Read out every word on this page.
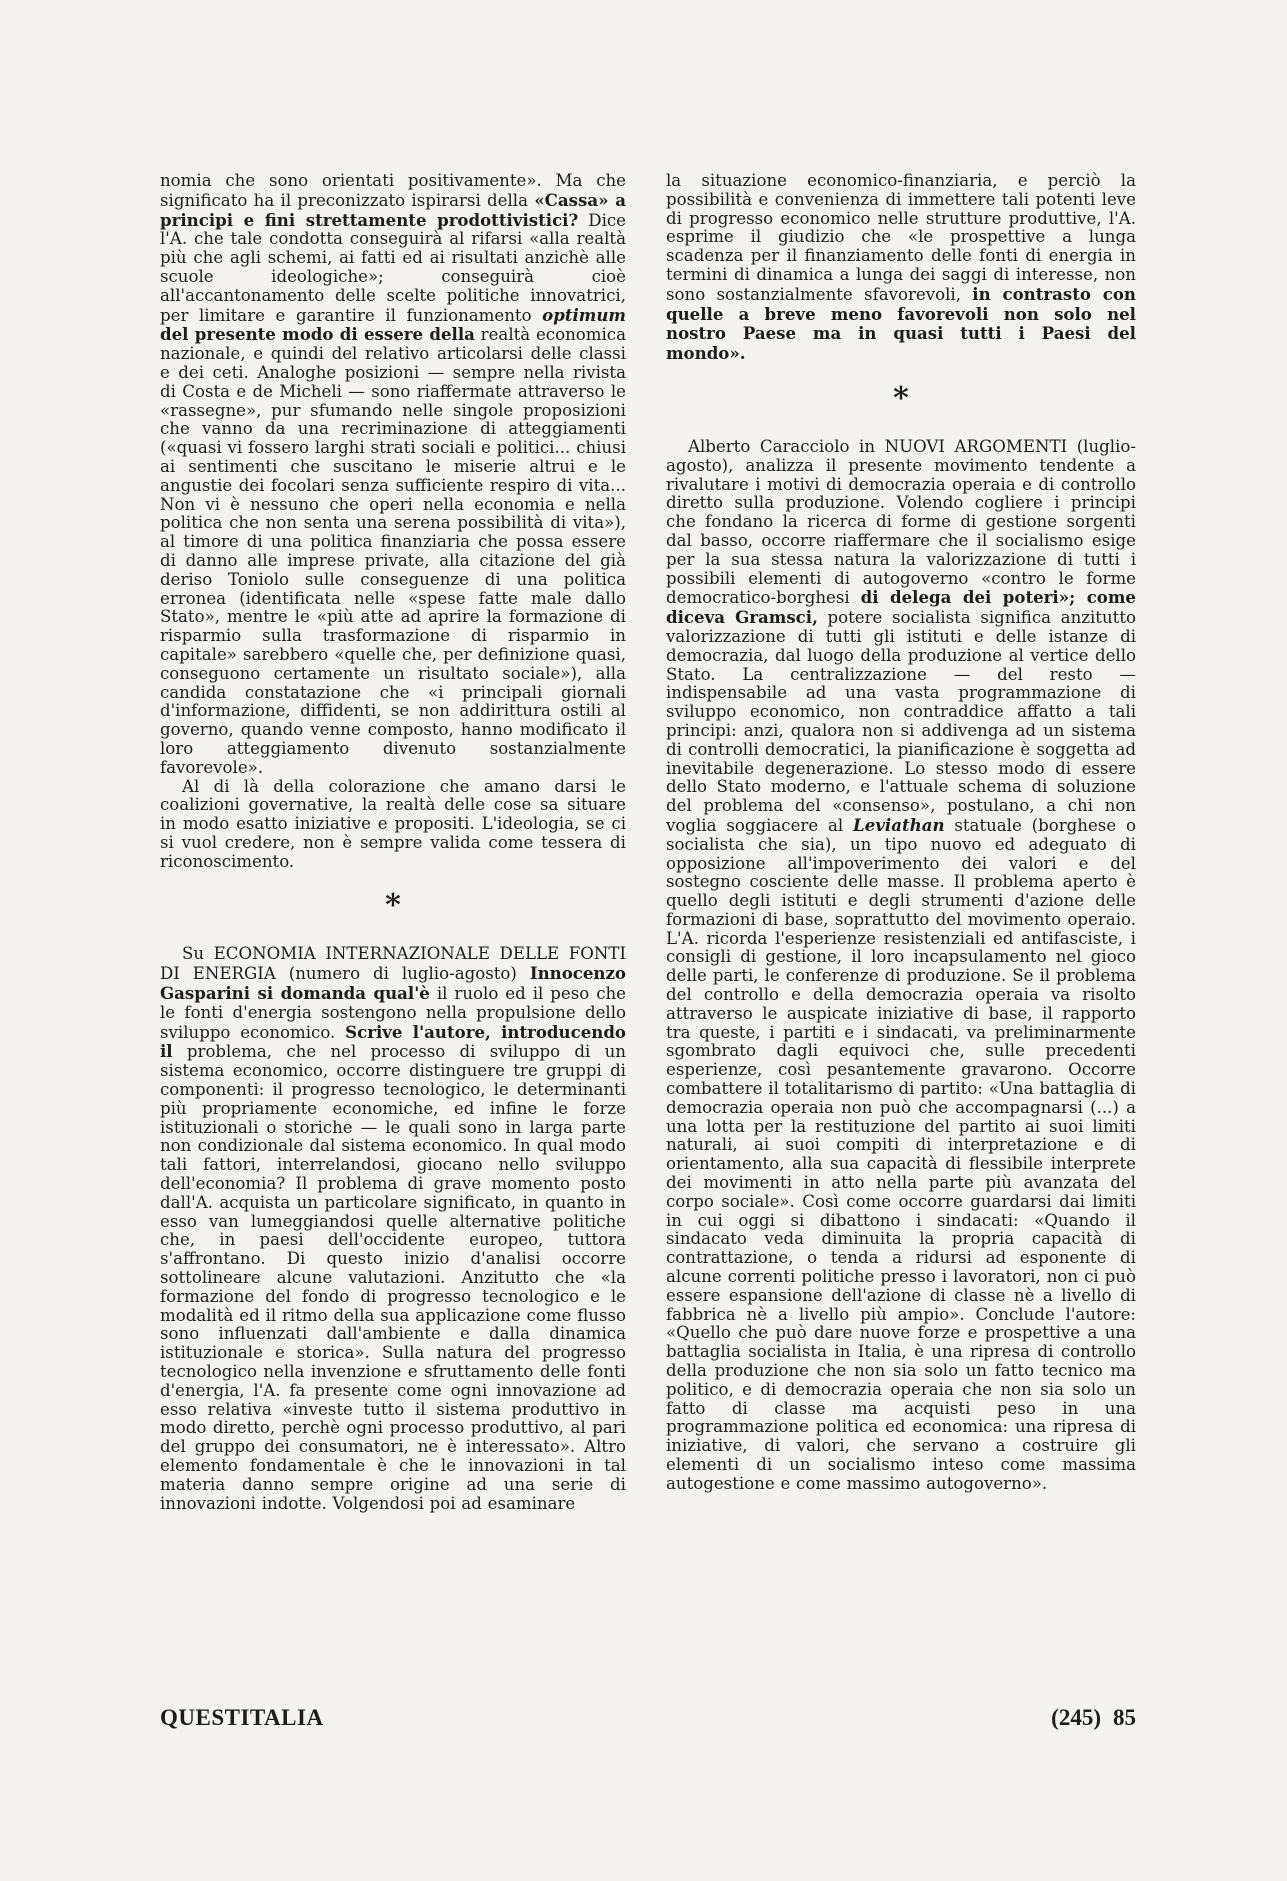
nomia che sono orientati positivamente». Ma che significato ha il preconizzato ispirarsi della «Cassa» a principi e fini strettamente prodottivistici? Dice l'A. che tale condotta conseguirà al rifarsi «alla realtà più che agli schemi, ai fatti ed ai risultati anzichè alle scuole ideologiche»; conseguirà cioè all'accantonamento delle scelte politiche innovatrici, per limitare e garantire il funzionamento optimum del presente modo di essere della realtà economica nazionale, e quindi del relativo articolarsi delle classi e dei ceti. Analoghe posizioni — sempre nella rivista di Costa e de Micheli — sono riaffermate attraverso le «rassegne», pur sfumando nelle singole proposizioni che vanno da una recriminazione di atteggiamenti («quasi vi fossero larghi strati sociali e politici... chiusi ai sentimenti che suscitano le miserie altrui e le angustie dei focolari senza sufficiente respiro di vita... Non vi è nessuno che operi nella economia e nella politica che non senta una serena possibilità di vita»), al timore di una politica finanziaria che possa essere di danno alle imprese private, alla citazione del già deriso Toniolo sulle conseguenze di una politica erronea (identificata nelle «spese fatte male dallo Stato», mentre le «più atte ad aprire la formazione di risparmio sulla trasformazione di risparmio in capitale» sarebbero «quelle che, per definizione quasi, conseguono certamente un risultato sociale»), alla candida constatazione che «i principali giornali d'informazione, diffidenti, se non addirittura ostili al governo, quando venne composto, hanno modificato il loro atteggiamento divenuto sostanzialmente favorevole».

Al di là della colorazione che amano darsi le coalizioni governative, la realtà delle cose sa situare in modo esatto iniziative e propositi. L'ideologia, se ci si vuol credere, non è sempre valida come tessera di riconoscimento.

*

Su ECONOMIA INTERNAZIONALE DELLE FONTI DI ENERGIA (numero di luglio-agosto) Innocenzo Gasparini si domanda qual'è il ruolo ed il peso che le fonti d'energia sostengono nella propulsione dello sviluppo economico. Scrive l'autore, introducendo il problema, che nel processo di sviluppo di un sistema economico, occorre distinguere tre gruppi di componenti: il progresso tecnologico, le determinanti più propriamente economiche, ed infine le forze istituzionali o storiche — le quali sono in larga parte non condizionale dal sistema economico. In qual modo tali fattori, interrelandosi, giocano nello sviluppo dell'economia? Il problema di grave momento posto dall'A. acquista un particolare significato, in quanto in esso van lumeggiandosi quelle alternative politiche che, in paesi dell'occidente europeo, tuttora s'affrontano. Di questo inizio d'analisi occorre sottolineare alcune valutazioni. Anzitutto che «la formazione del fondo di progresso tecnologico e le modalità ed il ritmo della sua applicazione come flusso sono influenzati dall'ambiente e dalla dinamica istituzionale e storica». Sulla natura del progresso tecnologico nella invenzione e sfruttamento delle fonti d'energia, l'A. fa presente come ogni innovazione ad esso relativa «investe tutto il sistema produttivo in modo diretto, perchè ogni processo produttivo, al pari del gruppo dei consumatori, ne è interessato». Altro elemento fondamentale è che le innovazioni in tal materia danno sempre origine ad una serie di innovazioni indotte. Volgendosi poi ad esaminare

la situazione economico-finanziaria, e perciò la possibilità e convenienza di immettere tali potenti leve di progresso economico nelle strutture produttive, l'A. esprime il giudizio che «le prospettive a lunga scadenza per il finanziamento delle fonti di energia in termini di dinamica a lunga dei saggi di interesse, non sono sostanzialmente sfavorevoli, in contrasto con quelle a breve meno favorevoli non solo nel nostro Paese ma in quasi tutti i Paesi del mondo».

*

Alberto Caracciolo in NUOVI ARGOMENTI (luglio-agosto), analizza il presente movimento tendente a rivalutare i motivi di democrazia operaia e di controllo diretto sulla produzione. Volendo cogliere i principi che fondano la ricerca di forme di gestione sorgenti dal basso, occorre riaffermare che il socialismo esige per la sua stessa natura la valorizzazione di tutti i possibili elementi di autogoverno «contro le forme democratico-borghesi di delega dei poteri»; come diceva Gramsci, potere socialista significa anzitutto valorizzazione di tutti gli istituti e delle istanze di democrazia, dal luogo della produzione al vertice dello Stato. La centralizzazione — del resto — indispensabile ad una vasta programmazione di sviluppo economico, non contraddice affatto a tali principi: anzi, qualora non si addivenga ad un sistema di controlli democratici, la pianificazione è soggetta ad inevitabile degenerazione. Lo stesso modo di essere dello Stato moderno, e l'attuale schema di soluzione del problema del «consenso», postulano, a chi non voglia soggiacere al Leviathan statuale (borghese o socialista che sia), un tipo nuovo ed adeguato di opposizione all'impoverimento dei valori e del sostegno cosciente delle masse. Il problema aperto è quello degli istituti e degli strumenti d'azione delle formazioni di base, soprattutto del movimento operaio. L'A. ricorda l'esperienze resistenziali ed antifasciste, i consigli di gestione, il loro incapsulamento nel gioco delle parti, le conferenze di produzione. Se il problema del controllo e della democrazia operaia va risolto attraverso le auspicate iniziative di base, il rapporto tra queste, i partiti e i sindacati, va preliminarmente sgombrato dagli equivoci che, sulle precedenti esperienze, così pesantemente gravarono. Occorre combattere il totalitarismo di partito: «Una battaglia di democrazia operaia non può che accompagnarsi (...) a una lotta per la restituzione del partito ai suoi limiti naturali, ai suoi compiti di interpretazione e di orientamento, alla sua capacità di flessibile interprete dei movimenti in atto nella parte più avanzata del corpo sociale». Così come occorre guardarsi dai limiti in cui oggi si dibattono i sindacati: «Quando il sindacato veda diminuita la propria capacità di contrattazione, o tenda a ridursi ad esponente di alcune correnti politiche presso i lavoratori, non ci può essere espansione dell'azione di classe nè a livello di fabbrica nè a livello più ampio». Conclude l'autore: «Quello che può dare nuove forze e prospettive a una battaglia socialista in Italia, è una ripresa di controllo della produzione che non sia solo un fatto tecnico ma politico, e di democrazia operaia che non sia solo un fatto di classe ma acquisti peso in una programmazione politica ed economica: una ripresa di iniziative, di valori, che servano a costruire gli elementi di un socialismo inteso come massima autogestione e come massimo autogoverno».

QUESTITALIA	(245) 85
